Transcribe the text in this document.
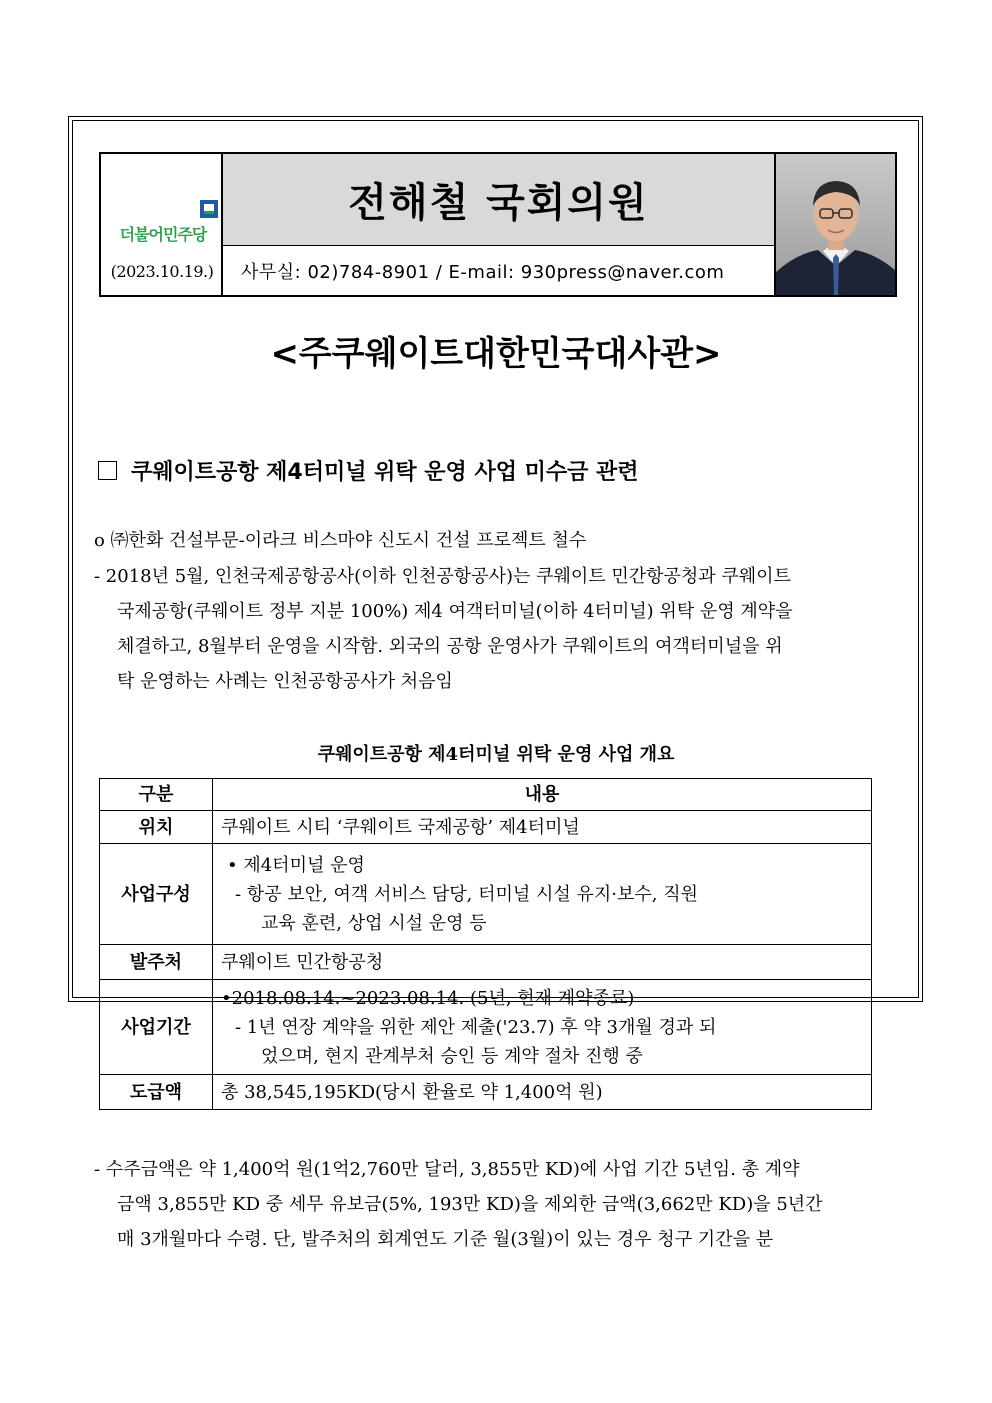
더불어민주당
(2023.10.19.)
전해철 국회의원
사무실: 02)784-8901 / E-mail: 930press@naver.com
<주쿠웨이트대한민국대사관>
쿠웨이트공항 제4터미널 위탁 운영 사업 미수금 관련
o ㈜한화 건설부문-이라크 비스마야 신도시 건설 프로젝트 철수
- 2018년 5월, 인천국제공항공사(이하 인천공항공사)는 쿠웨이트 민간항공청과 쿠웨이트
국제공항(쿠웨이트 정부 지분 100%) 제4 여객터미널(이하 4터미널) 위탁 운영 계약을
체결하고, 8월부터 운영을 시작함. 외국의 공항 운영사가 쿠웨이트의 여객터미널을 위
탁 운영하는 사례는 인천공항공사가 처음임
쿠웨이트공항 제4터미널 위탁 운영 사업 개요
구분	내용
위치	쿠웨이트 시티 ‘쿠웨이트 국제공항’ 제4터미널
사업구성	• 제4터미널 운영
- 항공 보안, 여객 서비스 담당, 터미널 시설 유지·보수, 직원
교육 훈련, 상업 시설 운영 등

발주처	쿠웨이트 민간항공청
사업기간	•2018.08.14.~2023.08.14. (5년, 현재 계약종료)
- 1년 연장 계약을 위한 제안 제출('23.7) 후 약 3개월 경과 되
었으며, 현지 관계부처 승인 등 계약 절차 진행 중

도급액	총 38,545,195KD(당시 환율로 약 1,400억 원)
- 수주금액은 약 1,400억 원(1억2,760만 달러, 3,855만 KD)에 사업 기간 5년임. 총 계약
금액 3,855만 KD 중 세무 유보금(5%, 193만 KD)을 제외한 금액(3,662만 KD)을 5년간
매 3개월마다 수령. 단, 발주처의 회계연도 기준 월(3월)이 있는 경우 청구 기간을 분
